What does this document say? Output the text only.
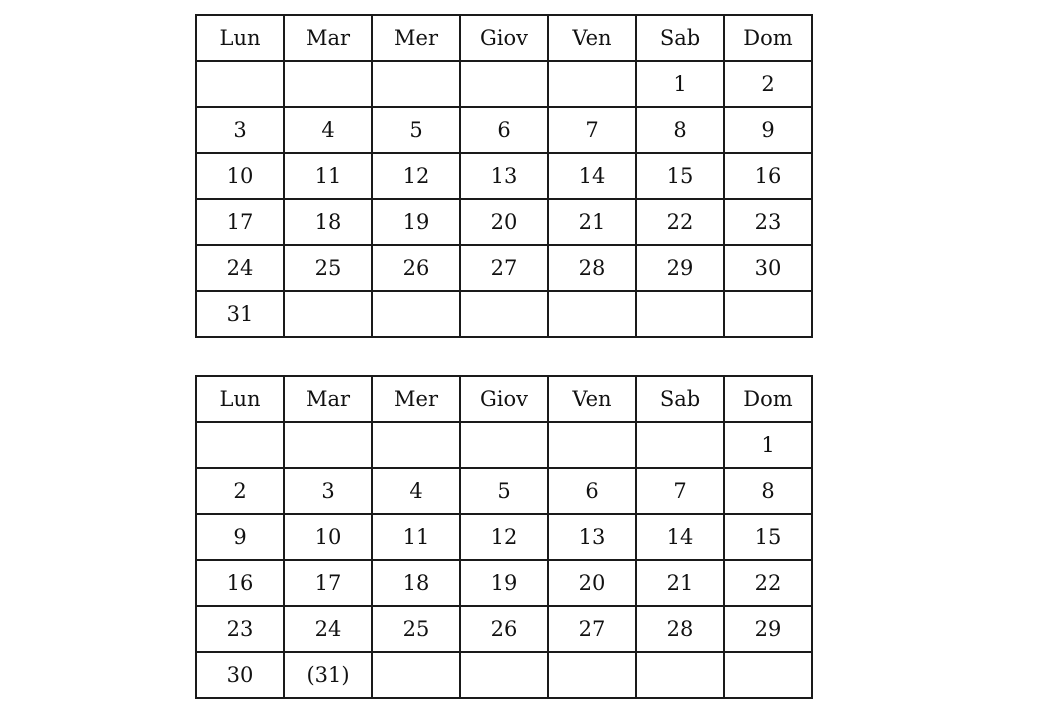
Lun	Mar	Mer	Giov	Ven	Sab	Dom
					1	2
3	4	5	6	7	8	9
10	11	12	13	14	15	16
17	18	19	20	21	22	23
24	25	26	27	28	29	30
31						
Lun	Mar	Mer	Giov	Ven	Sab	Dom
						1
2	3	4	5	6	7	8
9	10	11	12	13	14	15
16	17	18	19	20	21	22
23	24	25	26	27	28	29
30	(31)					
